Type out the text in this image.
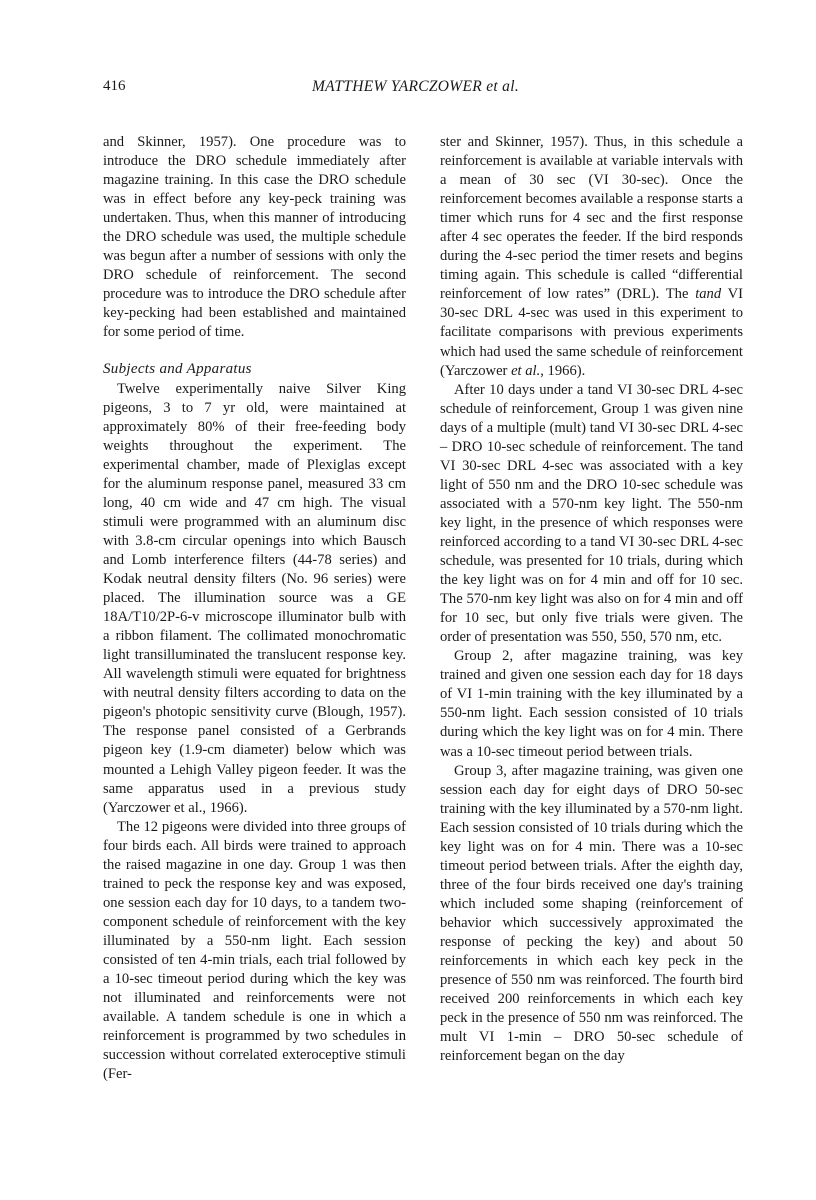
416	MATTHEW YARCZOWER et al.

and Skinner, 1957). One procedure was to introduce the DRO schedule immediately after magazine training. In this case the DRO schedule was in effect before any key-peck training was undertaken. Thus, when this manner of introducing the DRO schedule was used, the multiple schedule was begun after a number of sessions with only the DRO schedule of reinforcement. The second procedure was to introduce the DRO schedule after key-pecking had been established and maintained for some period of time.

Subjects and Apparatus

Twelve experimentally naive Silver King pigeons, 3 to 7 yr old, were maintained at approximately 80% of their free-feeding body weights throughout the experiment. The experimental chamber, made of Plexiglas except for the aluminum response panel, measured 33 cm long, 40 cm wide and 47 cm high. The visual stimuli were programmed with an aluminum disc with 3.8-cm circular openings into which Bausch and Lomb interference filters (44-78 series) and Kodak neutral density filters (No. 96 series) were placed. The illumination source was a GE 18A/T10/2P-6-v microscope illuminator bulb with a ribbon filament. The collimated monochromatic light transilluminated the translucent response key. All wavelength stimuli were equated for brightness with neutral density filters according to data on the pigeon's photopic sensitivity curve (Blough, 1957). The response panel consisted of a Gerbrands pigeon key (1.9-cm diameter) below which was mounted a Lehigh Valley pigeon feeder. It was the same apparatus used in a previous study (Yarczower et al., 1966).

The 12 pigeons were divided into three groups of four birds each. All birds were trained to approach the raised magazine in one day. Group 1 was then trained to peck the response key and was exposed, one session each day for 10 days, to a tandem two-component schedule of reinforcement with the key illuminated by a 550-nm light. Each session consisted of ten 4-min trials, each trial followed by a 10-sec timeout period during which the key was not illuminated and reinforcements were not available. A tandem schedule is one in which a reinforcement is programmed by two schedules in succession without correlated exteroceptive stimuli (Fer-

ster and Skinner, 1957). Thus, in this schedule a reinforcement is available at variable intervals with a mean of 30 sec (VI 30-sec). Once the reinforcement becomes available a response starts a timer which runs for 4 sec and the first response after 4 sec operates the feeder. If the bird responds during the 4-sec period the timer resets and begins timing again. This schedule is called “differential reinforcement of low rates” (DRL). The tand VI 30-sec DRL 4-sec was used in this experiment to facilitate comparisons with previous experiments which had used the same schedule of reinforcement (Yarczower et al., 1966).

After 10 days under a tand VI 30-sec DRL 4-sec schedule of reinforcement, Group 1 was given nine days of a multiple (mult) tand VI 30-sec DRL 4-sec – DRO 10-sec schedule of reinforcement. The tand VI 30-sec DRL 4-sec was associated with a key light of 550 nm and the DRO 10-sec schedule was associated with a 570-nm key light. The 550-nm key light, in the presence of which responses were reinforced according to a tand VI 30-sec DRL 4-sec schedule, was presented for 10 trials, during which the key light was on for 4 min and off for 10 sec. The 570-nm key light was also on for 4 min and off for 10 sec, but only five trials were given. The order of presentation was 550, 550, 570 nm, etc.

Group 2, after magazine training, was key trained and given one session each day for 18 days of VI 1-min training with the key illuminated by a 550-nm light. Each session consisted of 10 trials during which the key light was on for 4 min. There was a 10-sec timeout period between trials.

Group 3, after magazine training, was given one session each day for eight days of DRO 50-sec training with the key illuminated by a 570-nm light. Each session consisted of 10 trials during which the key light was on for 4 min. There was a 10-sec timeout period between trials. After the eighth day, three of the four birds received one day's training which included some shaping (reinforcement of behavior which successively approximated the response of pecking the key) and about 50 reinforcements in which each key peck in the presence of 550 nm was reinforced. The fourth bird received 200 reinforcements in which each key peck in the presence of 550 nm was reinforced. The mult VI 1-min – DRO 50-sec schedule of reinforcement began on the day
